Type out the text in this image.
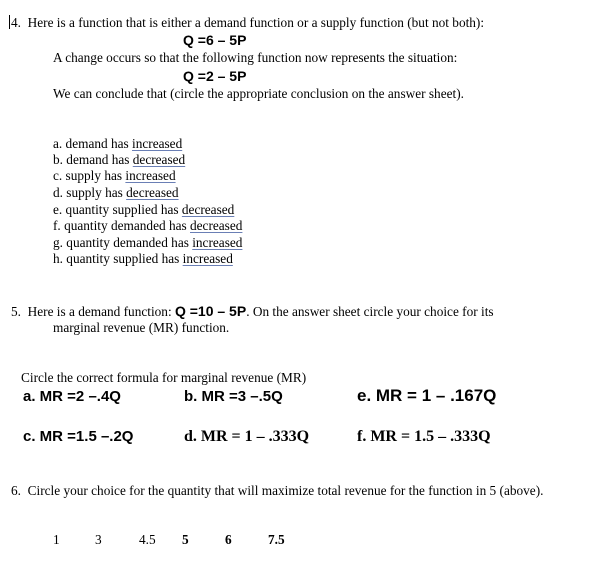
4. Here is a function that is either a demand function or a supply function (but not both):
Q =6 – 5P
A change occurs so that the following function now represents the situation:
Q =2 – 5P
We can conclude that (circle the appropriate conclusion on the answer sheet).
a. demand has increased
b. demand has decreased
c. supply has increased
d. supply has decreased
e. quantity supplied has decreased
f. quantity demanded has decreased
g. quantity demanded has increased
h. quantity supplied has increased
5. Here is a demand function: Q =10 – 5P. On the answer sheet circle your choice for its
marginal revenue (MR) function.
Circle the correct formula for marginal revenue (MR)
a. MR =2 –.4Q	b. MR =3 –.5Q	e. MR = 1 – .167Q
c. MR =1.5 –.2Q	d. MR = 1 – .333Q	f. MR = 1.5 – .333Q
6. Circle your choice for the quantity that will maximize total revenue for the function in 5 (above).
1	3	4.5 5	6	7.5
